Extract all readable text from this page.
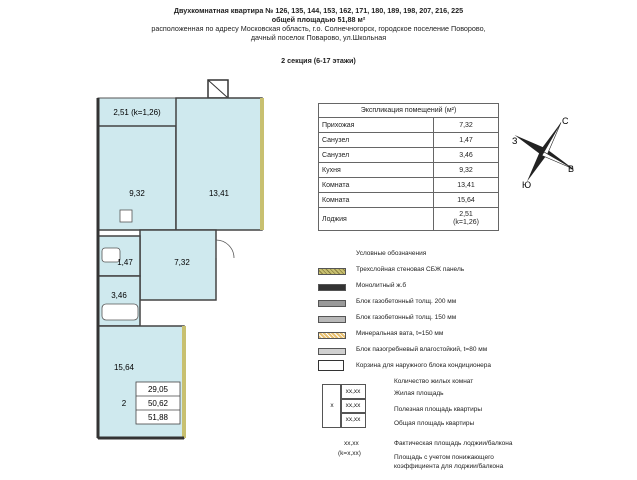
Двухкомнатная квартира № 126, 135, 144, 153, 162, 171, 180, 189, 198, 207, 216, 225
общей площадью 51,88 м²
расположенная по адресу Московская область, г.о. Солнечногорск, городское поселение Поворово,
дачный поселок Поварово, ул.Школьная
2 секция (6-17 этажи)
2,51 (k=1,26)
9,32	13,41
7,32
1,47
3,46
15,64
2
29,05
50,62
51,88
Экспликация помещений (м²)	
Прихожая	7,32
Санузел	1,47
Санузел	3,46
Кухня	9,32
Комната	13,41
Комната	15,64
Лоджия	2,51
(k=1,26)
С
З
В
Ю
Условные обозначения
Трехслойная стеновая СБЖ панель
Монолитный ж.б
Блок газобетонный толщ. 200 мм
Блок газобетонный толщ. 150 мм
Минеральная вата, t=150 мм
Блок пазогребневый влагостойкий, t=80 мм
Корзина для наружного блока кондиционера
x
xx,xx
xx,xx
xx,xx
Количество жилых комнат
Жилая площадь
Полезная площадь квартиры
Общая площадь квартиры
xx,xx
(k=x,xx)
Фактическая площадь лоджии/балкона
Площадь с учетом понижающего
коэффициента для лоджии/балкона
